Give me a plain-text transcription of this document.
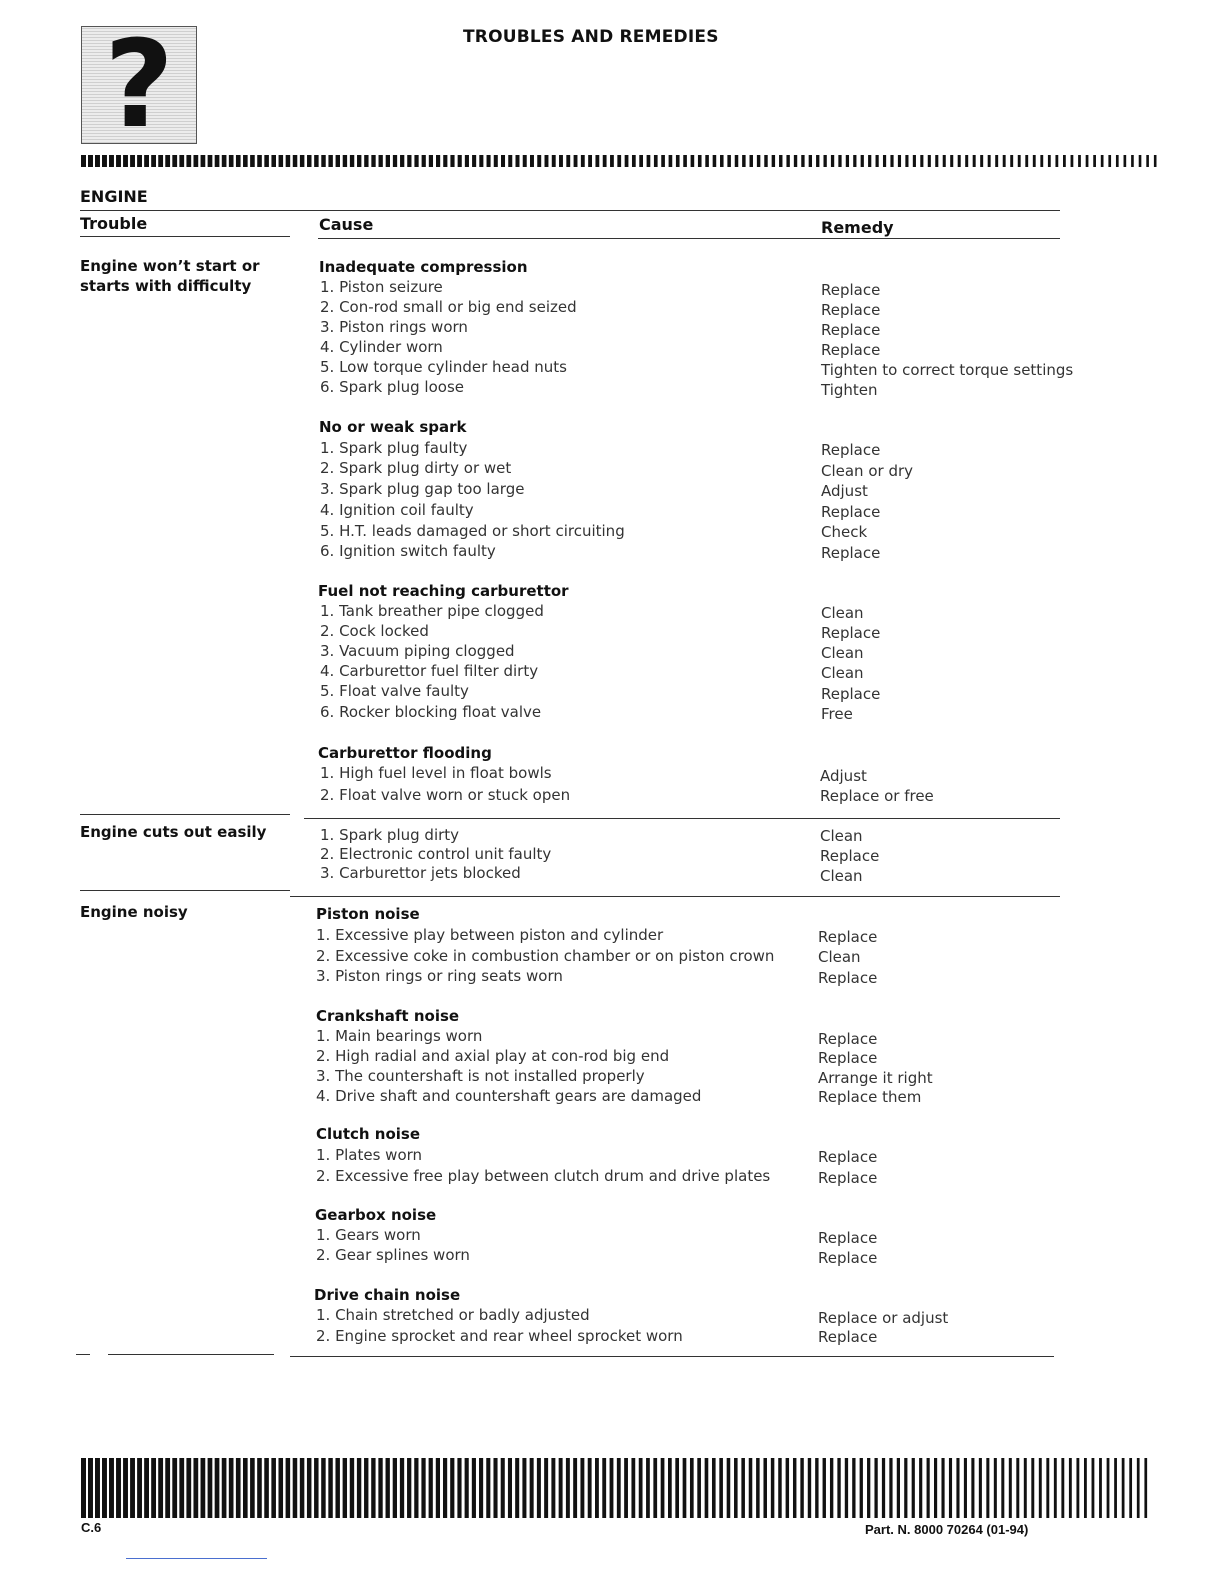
?	TROUBLES AND REMEDIES
ENGINE
Trouble	Cause	Remedy
Engine won’t start or starts with difficulty
Inadequate compression
1. Piston seizure	Replace
2. Con-rod small or big end seized	Replace
3. Piston rings worn	Replace
4. Cylinder worn	Replace
5. Low torque cylinder head nuts	Tighten to correct torque settings
6. Spark plug loose	Tighten
No or weak spark
1. Spark plug faulty	Replace
2. Spark plug dirty or wet	Clean or dry
3. Spark plug gap too large	Adjust
4. Ignition coil faulty	Replace
5. H.T. leads damaged or short circuiting	Check
6. Ignition switch faulty	Replace
Fuel not reaching carburettor
1. Tank breather pipe clogged	Clean
2. Cock locked	Replace
3. Vacuum piping clogged	Clean
4. Carburettor fuel filter dirty	Clean
5. Float valve faulty	Replace
6. Rocker blocking float valve	Free
Carburettor flooding
1. High fuel level in float bowls	Adjust
2. Float valve worn or stuck open	Replace or free
Engine cuts out easily	1. Spark plug dirty	Clean
2. Electronic control unit faulty	Replace
3. Carburettor jets blocked	Clean
Engine noisy	Piston noise
1. Excessive play between piston and cylinder	Replace
2. Excessive coke in combustion chamber or on piston crown	Clean
3. Piston rings or ring seats worn	Replace
Crankshaft noise
1. Main bearings worn	Replace
2. High radial and axial play at con-rod big end	Replace
3. The countershaft is not installed properly	Arrange it right
4. Drive shaft and countershaft gears are damaged	Replace them
Clutch noise
1. Plates worn	Replace
2. Excessive free play between clutch drum and drive plates	Replace
Gearbox noise
1. Gears worn	Replace
2. Gear splines worn	Replace
Drive chain noise
1. Chain stretched or badly adjusted	Replace or adjust
2. Engine sprocket and rear wheel sprocket worn	Replace
C.6	Part. N. 8000 70264 (01-94)
